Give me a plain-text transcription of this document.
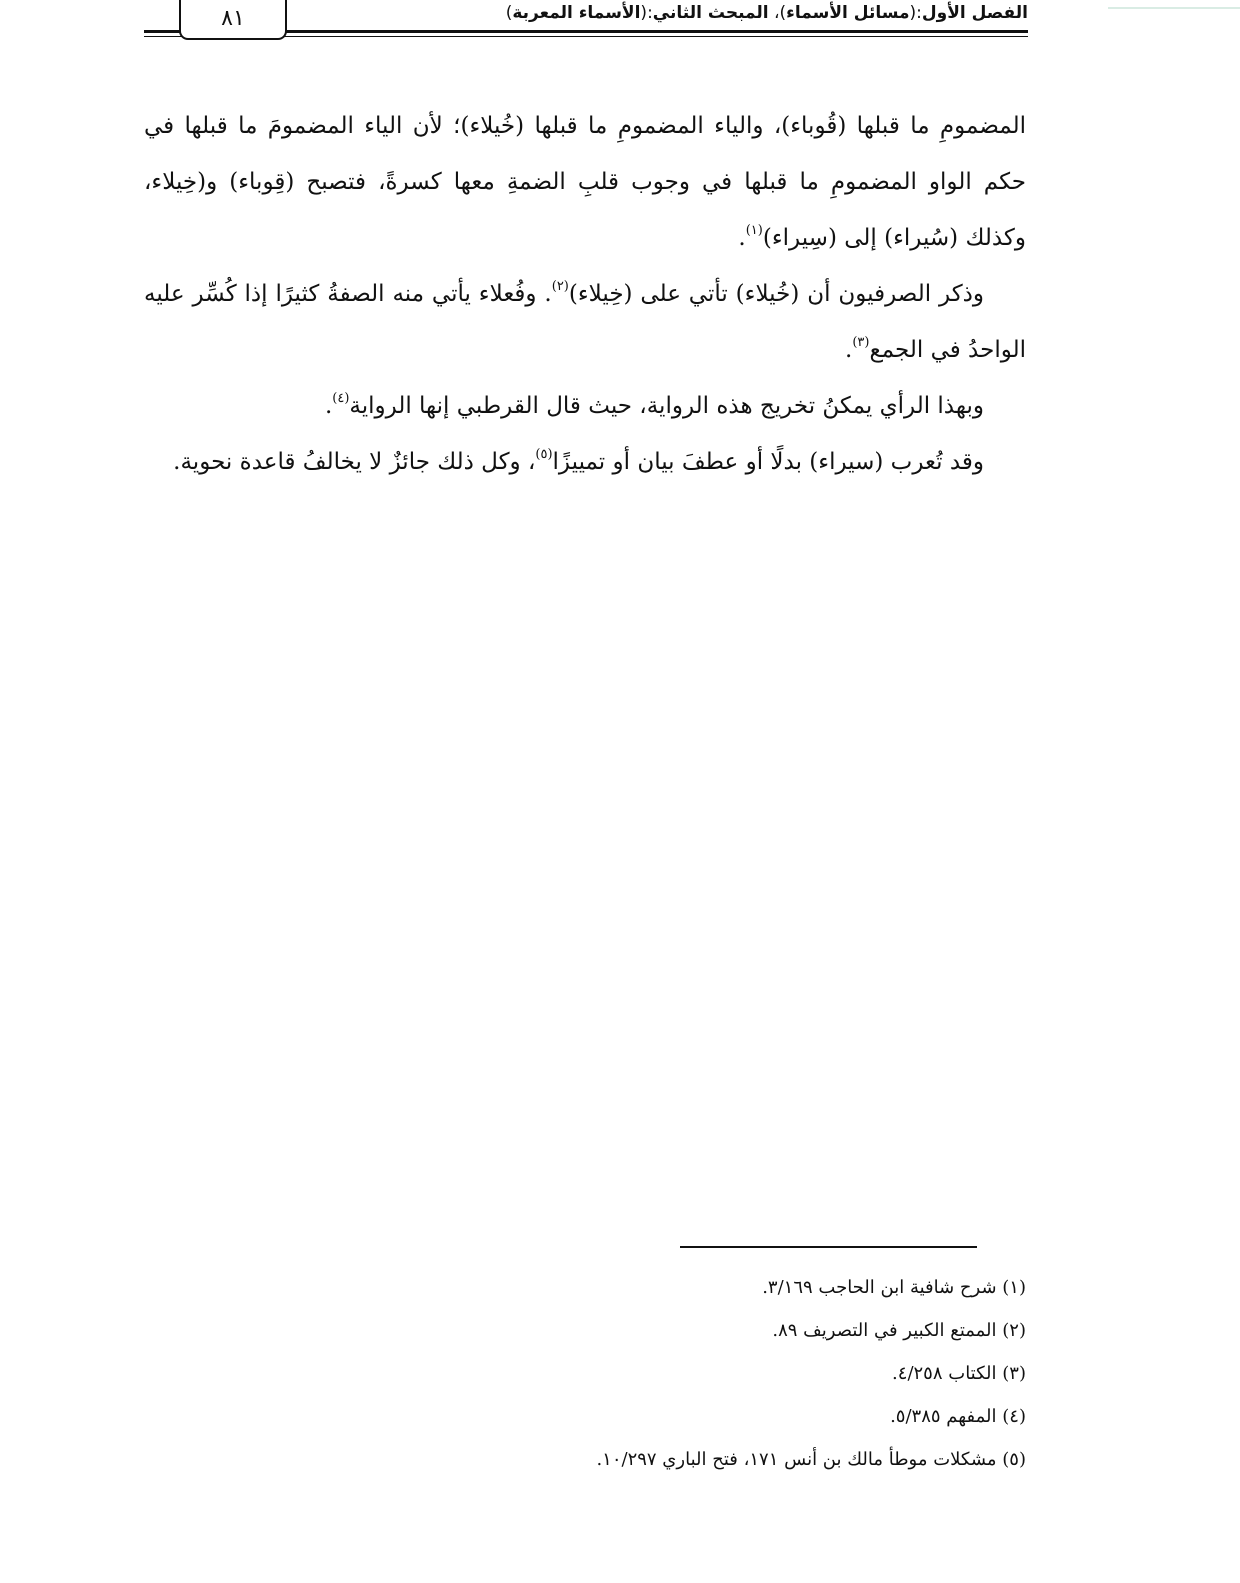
الفصل الأول:(مسائل الأسماء)، المبحث الثاني:(الأسماء المعربة)
٨١

المضمومِ ما قبلها (قُوباء)، والياء المضمومِ ما قبلها (خُيلاء)؛ لأن الياء المضمومَ ما قبلها في حكم الواو المضمومِ ما قبلها في وجوب قلبِ الضمةِ معها كسرةً، فتصبح (قِوباء) و(خِيلاء، وكذلك (سُيراء) إلى (سِيراء)$^{(١)}$.

وذكر الصرفيون أن (خُيلاء) تأتي على (خِيلاء)$^{(٢)}$. وفُعلاء يأتي منه الصفةُ كثيرًا إذا كُسِّر عليه الواحدُ في الجمع$^{(٣)}$.

وبهذا الرأي يمكنُ تخريج هذه الرواية، حيث قال القرطبي إنها الرواية$^{(٤)}$.

وقد تُعرب (سيراء) بدلًا أو عطفَ بيان أو تمييزًا$^{(٥)}$، وكل ذلك جائزٌ لا يخالفُ قاعدة نحوية.

(١) شرح شافية ابن الحاجب ٣/١٦٩.

(٢) الممتع الكبير في التصريف ٨٩.

(٣) الكتاب ٤/٢٥٨.

(٤) المفهم ٥/٣٨٥.

(٥) مشكلات موطأ مالك بن أنس ١٧١، فتح الباري ١٠/٢٩٧.
